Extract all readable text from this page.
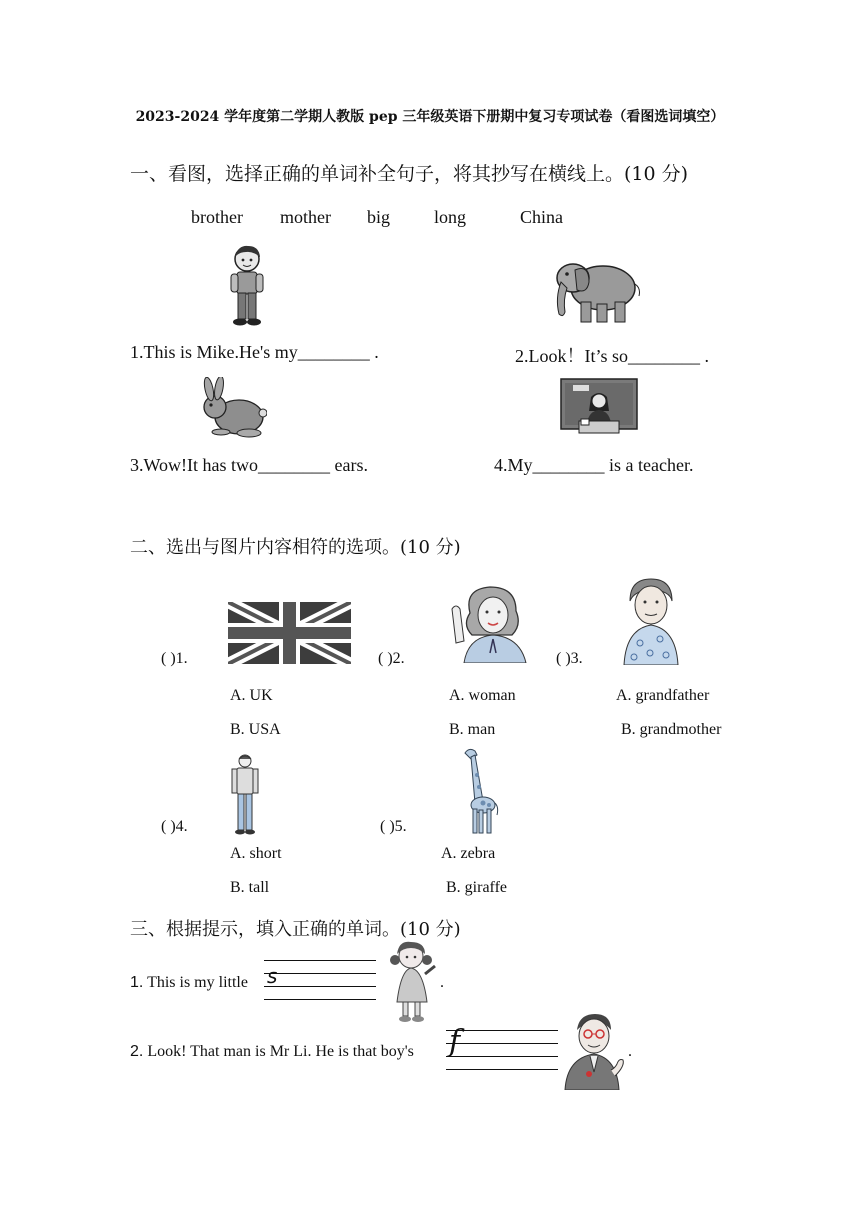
2023-2024 学年度第二学期人教版 pep 三年级英语下册期中复习专项试卷（看图选词填空）
一、看图，选择正确的单词补全句子，将其抄写在横线上。(10 分)
brother mother big long	China
1.This is Mike.He's my________ .	2.Look！It’s so________ .
3.Wow!It has two________ ears.	4.My________ is a teacher.
二、选出与图片内容相符的选项。(10 分)
( )1.	( )2.	( )3.
A. UK
B. USA
A. woman
B. man
A. grandfather
B. grandmother
( )4.	( )5.
A. short
B. tall
A. zebra
B. giraffe
三、根据提示，填入正确的单词。(10 分)
1. This is my little s	.
2. Look! That man is Mr Li. He is that boy's f	.
